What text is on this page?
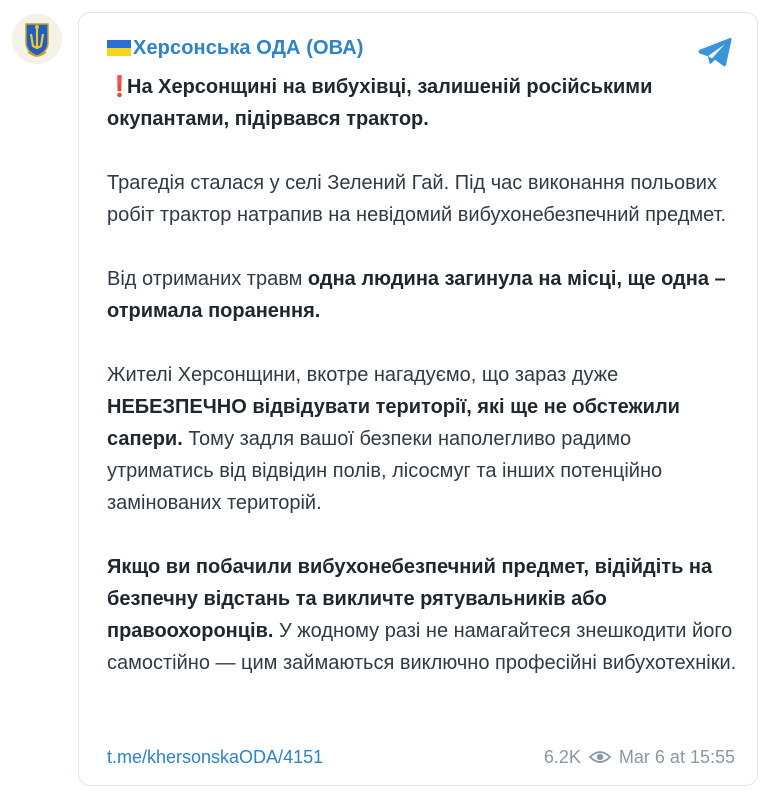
Херсонська ОДА (ОВА)

❗На Херсонщині на вибухівці, залишеній російськими окупантами, підірвався трактор.

Трагедія сталася у селі Зелений Гай. Під час виконання польових робіт трактор натрапив на невідомий вибухонебезпечний предмет.

Від отриманих травм одна людина загинула на місці, ще одна – отримала поранення.

Жителі Херсонщини, вкотре нагадуємо, що зараз дуже НЕБЕЗПЕЧНО відвідувати території, які ще не обстежили сапери. Тому задля вашої безпеки наполегливо радимо утриматись від відвідин полів, лісосмуг та інших потенційно замінованих територій.

Якщо ви побачили вибухонебезпечний предмет, відійдіть на безпечну відстань та викличте рятувальників або правоохоронців. У жодному разі не намагайтеся знешкодити його самостійно — цим займаються виключно професійні вибухотехніки.

t.me/khersonskaODA/4151	6.2K Mar 6 at 15:55
